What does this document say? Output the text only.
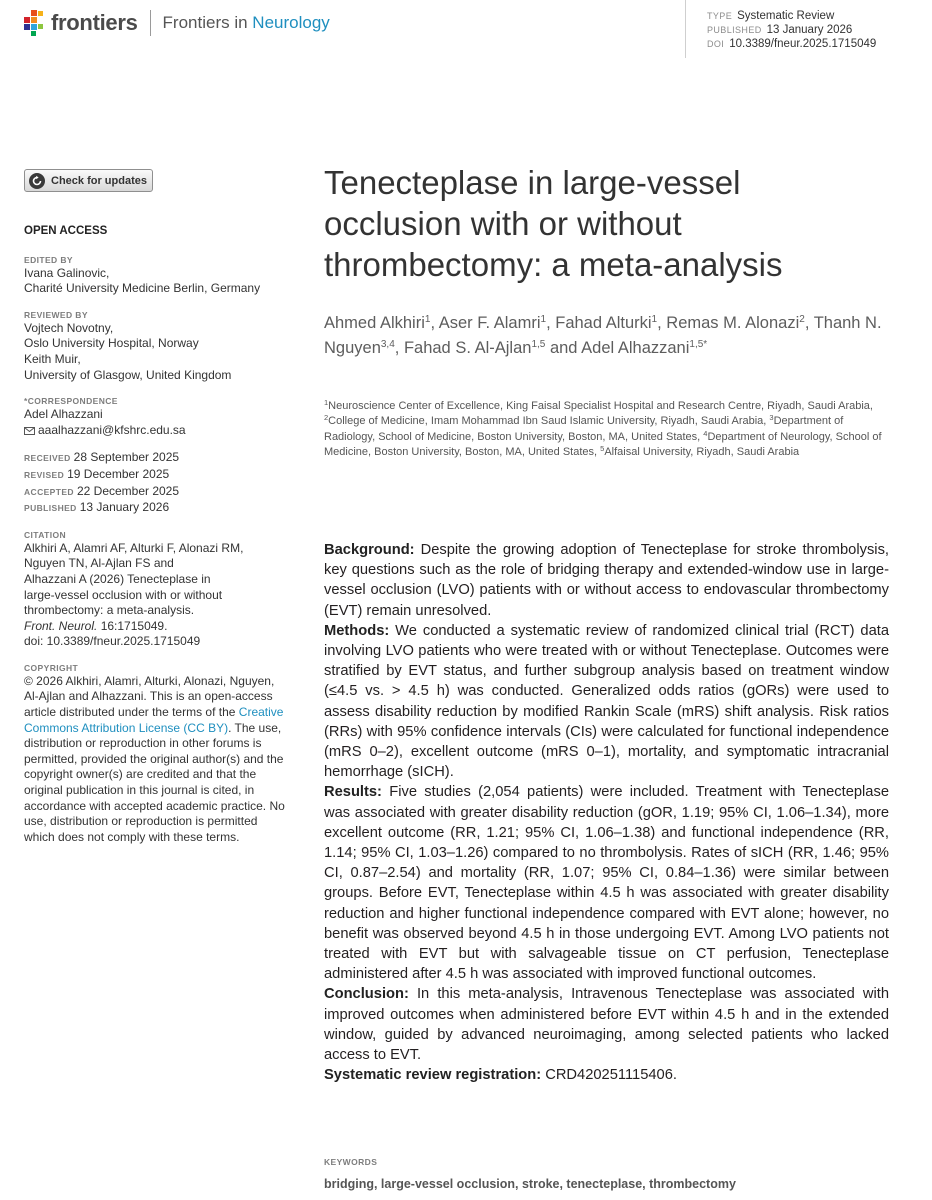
frontiers Frontiers in Neurology	TYPE Systematic Review
PUBLISHED 13 January 2026
DOI 10.3389/fneur.2025.1715049
Check for updates
OPEN ACCESS
EDITED BY
Ivana Galinovic,
Charité University Medicine Berlin, Germany
REVIEWED BY
Vojtech Novotny,
Oslo University Hospital, Norway
Keith Muir,
University of Glasgow, United Kingdom
*CORRESPONDENCE
Adel Alhazzani
aaalhazzani@kfshrc.edu.sa
RECEIVED 28 September 2025
REVISED 19 December 2025
ACCEPTED 22 December 2025
PUBLISHED 13 January 2026
CITATION
Alkhiri A, Alamri AF, Alturki F, Alonazi RM,
Nguyen TN, Al-Ajlan FS and
Alhazzani A (2026) Tenecteplase in
large-vessel occlusion with or without
thrombectomy: a meta-analysis.
Front. Neurol. 16:1715049.
doi: 10.3389/fneur.2025.1715049
COPYRIGHT
© 2026 Alkhiri, Alamri, Alturki, Alonazi, Nguyen, Al-Ajlan and Alhazzani. This is an open-access article distributed under the terms of the Creative Commons Attribution License (CC BY). The use, distribution or reproduction in other forums is permitted, provided the original author(s) and the copyright owner(s) are credited and that the original publication in this journal is cited, in accordance with accepted academic practice. No use, distribution or reproduction is permitted which does not comply with these terms.
Tenecteplase in large-vessel occlusion with or without thrombectomy: a meta-analysis
Ahmed Alkhiri$^1$, Aser F. Alamri$^1$, Fahad Alturki$^1$, Remas M. Alonazi$^2$, Thanh N. Nguyen$^{3,4}$, Fahad S. Al-Ajlan$^{1,5}$ and Adel Alhazzani$^{1,5*}$
$^1$Neuroscience Center of Excellence, King Faisal Specialist Hospital and Research Centre, Riyadh, Saudi Arabia, $^2$College of Medicine, Imam Mohammad Ibn Saud Islamic University, Riyadh, Saudi Arabia, $^3$Department of Radiology, School of Medicine, Boston University, Boston, MA, United States, $^4$Department of Neurology, School of Medicine, Boston University, Boston, MA, United States, $^5$Alfaisal University, Riyadh, Saudi Arabia

Background: Despite the growing adoption of Tenecteplase for stroke thrombolysis, key questions such as the role of bridging therapy and extended-window use in large-vessel occlusion (LVO) patients with or without access to endovascular thrombectomy (EVT) remain unresolved.

Methods: We conducted a systematic review of randomized clinical trial (RCT) data involving LVO patients who were treated with or without Tenecteplase. Outcomes were stratified by EVT status, and further subgroup analysis based on treatment window (≤4.5 vs. > 4.5 h) was conducted. Generalized odds ratios (gORs) were used to assess disability reduction by modified Rankin Scale (mRS) shift analysis. Risk ratios (RRs) with 95% confidence intervals (CIs) were calculated for functional independence (mRS 0–2), excellent outcome (mRS 0–1), mortality, and symptomatic intracranial hemorrhage (sICH).

Results: Five studies (2,054 patients) were included. Treatment with Tenecteplase was associated with greater disability reduction (gOR, 1.19; 95% CI, 1.06–1.34), more excellent outcome (RR, 1.21; 95% CI, 1.06–1.38) and functional independence (RR, 1.14; 95% CI, 1.03–1.26) compared to no thrombolysis. Rates of sICH (RR, 1.46; 95% CI, 0.87–2.54) and mortality (RR, 1.07; 95% CI, 0.84–1.36) were similar between groups. Before EVT, Tenecteplase within 4.5 h was associated with greater disability reduction and higher functional independence compared with EVT alone; however, no benefit was observed beyond 4.5 h in those undergoing EVT. Among LVO patients not treated with EVT but with salvageable tissue on CT perfusion, Tenecteplase administered after 4.5 h was associated with improved functional outcomes.

Conclusion: In this meta-analysis, Intravenous Tenecteplase was associated with improved outcomes when administered before EVT within 4.5 h and in the extended window, guided by advanced neuroimaging, among selected patients who lacked access to EVT.

Systematic review registration: CRD420251115406.

KEYWORDS
bridging, large-vessel occlusion, stroke, tenecteplase, thrombectomy
